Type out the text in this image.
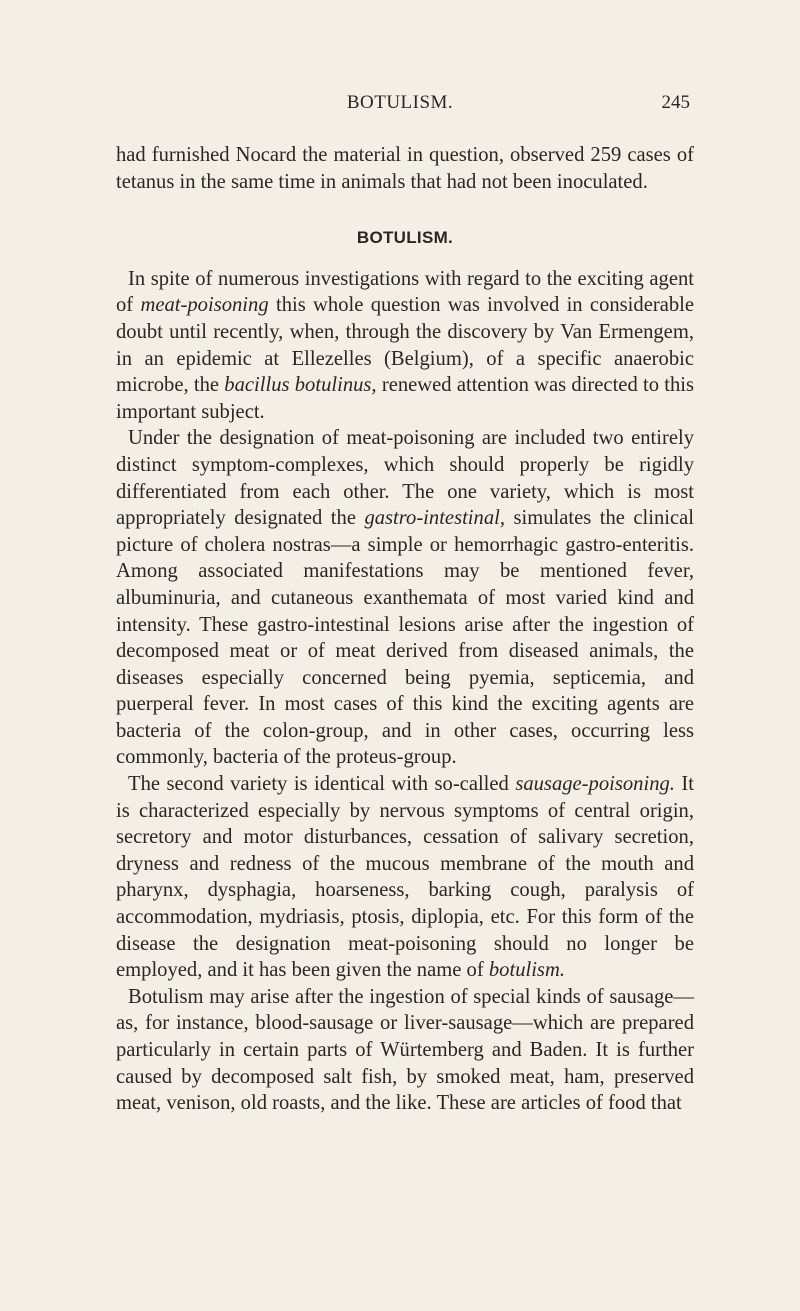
BOTULISM.	245

had furnished Nocard the material in question, observed 259 cases of tetanus in the same time in animals that had not been inoculated.

BOTULISM.

In spite of numerous investigations with regard to the exciting agent of meat-poisoning this whole question was involved in considerable doubt until recently, when, through the discovery by Van Ermengem, in an epidemic at Ellezelles (Belgium), of a specific anaerobic microbe, the bacillus botulinus, renewed attention was directed to this important subject.

Under the designation of meat-poisoning are included two entirely distinct symptom-complexes, which should properly be rigidly differentiated from each other. The one variety, which is most appropriately designated the gastro-intestinal, simulates the clinical picture of cholera nostras—a simple or hemorrhagic gastro-enteritis. Among associated manifestations may be mentioned fever, albuminuria, and cutaneous exanthemata of most varied kind and intensity. These gastro-intestinal lesions arise after the ingestion of decomposed meat or of meat derived from diseased animals, the diseases especially concerned being pyemia, septicemia, and puerperal fever. In most cases of this kind the exciting agents are bacteria of the colon-group, and in other cases, occurring less commonly, bacteria of the proteus-group.

The second variety is identical with so-called sausage-poisoning. It is characterized especially by nervous symptoms of central origin, secretory and motor disturbances, cessation of salivary secretion, dryness and redness of the mucous membrane of the mouth and pharynx, dysphagia, hoarseness, barking cough, paralysis of accommodation, mydriasis, ptosis, diplopia, etc. For this form of the disease the designation meat-poisoning should no longer be employed, and it has been given the name of botulism.

Botulism may arise after the ingestion of special kinds of sausage—as, for instance, blood-sausage or liver-sausage—which are prepared particularly in certain parts of Würtemberg and Baden. It is further caused by decomposed salt fish, by smoked meat, ham, preserved meat, venison, old roasts, and the like. These are articles of food that
